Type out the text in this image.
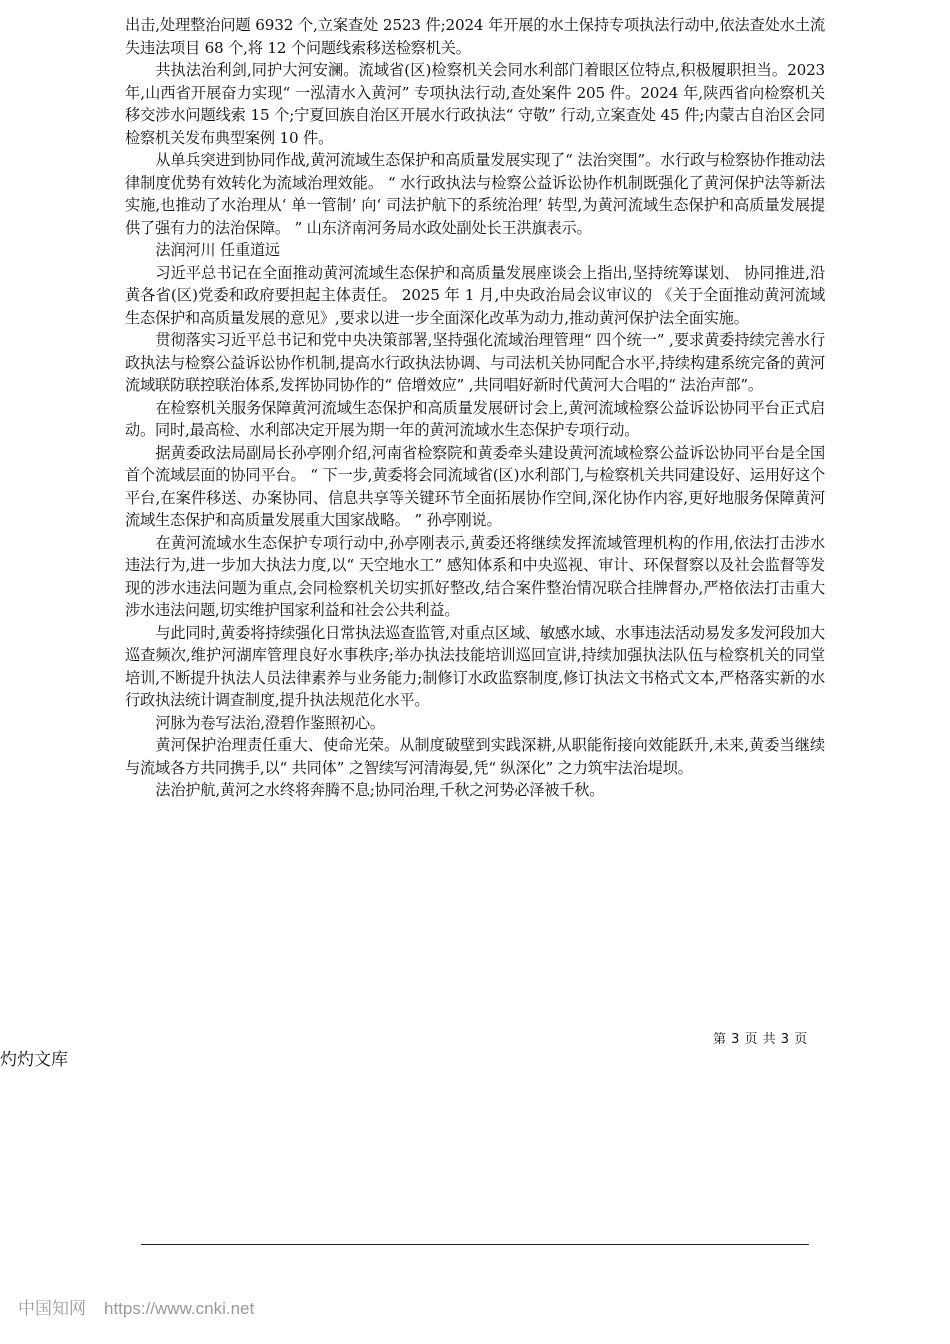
出击,处理整治问题 6932 个,立案查处 2523 件;2024 年开展的水土保持专项执法行动中,依法查处水土流失违法项目 68 个,将 12 个问题线索移送检察机关。

共执法治利剑,同护大河安澜。流域省(区)检察机关会同水利部门着眼区位特点,积极履职担当。2023 年,山西省开展奋力实现“ 一泓清水入黄河” 专项执法行动,查处案件 205 件。2024 年,陕西省向检察机关移交涉水问题线索 15 个;宁夏回族自治区开展水行政执法“ 守敬” 行动,立案查处 45 件;内蒙古自治区会同检察机关发布典型案例 10 件。

从单兵突进到协同作战,黄河流域生态保护和高质量发展实现了“ 法治突围”。水行政与检察协作推动法律制度优势有效转化为流域治理效能。 “ 水行政执法与检察公益诉讼协作机制既强化了黄河保护法等新法实施,也推动了水治理从‘ 单一管制’ 向‘ 司法护航下的系统治理’ 转型,为黄河流域生态保护和高质量发展提供了强有力的法治保障。 ” 山东济南河务局水政处副处长王洪旗表示。

法润河川 任重道远

习近平总书记在全面推动黄河流域生态保护和高质量发展座谈会上指出,坚持统筹谋划、 协同推进,沿黄各省(区)党委和政府要担起主体责任。 2025 年 1 月,中央政治局会议审议的 《关于全面推动黄河流域生态保护和高质量发展的意见》,要求以进一步全面深化改革为动力,推动黄河保护法全面实施。

贯彻落实习近平总书记和党中央决策部署,坚持强化流域治理管理“ 四个统一” ,要求黄委持续完善水行政执法与检察公益诉讼协作机制,提高水行政执法协调、与司法机关协同配合水平,持续构建系统完备的黄河流域联防联控联治体系,发挥协同协作的“ 倍增效应” ,共同唱好新时代黄河大合唱的“ 法治声部”。

在检察机关服务保障黄河流域生态保护和高质量发展研讨会上,黄河流域检察公益诉讼协同平台正式启动。同时,最高检、水利部决定开展为期一年的黄河流域水生态保护专项行动。

据黄委政法局副局长孙亭刚介绍,河南省检察院和黄委牵头建设黄河流域检察公益诉讼协同平台是全国首个流域层面的协同平台。 “ 下一步,黄委将会同流域省(区)水利部门,与检察机关共同建设好、运用好这个平台,在案件移送、办案协同、信息共享等关键环节全面拓展协作空间,深化协作内容,更好地服务保障黄河流域生态保护和高质量发展重大国家战略。 ” 孙亭刚说。

在黄河流域水生态保护专项行动中,孙亭刚表示,黄委还将继续发挥流域管理机构的作用,依法打击涉水违法行为,进一步加大执法力度,以“ 天空地水工” 感知体系和中央巡视、审计、环保督察以及社会监督等发现的涉水违法问题为重点,会同检察机关切实抓好整改,结合案件整治情况联合挂牌督办,严格依法打击重大涉水违法问题,切实维护国家利益和社会公共利益。

与此同时,黄委将持续强化日常执法巡查监管,对重点区域、敏感水域、水事违法活动易发多发河段加大巡查频次,维护河湖库管理良好水事秩序;举办执法技能培训巡回宣讲,持续加强执法队伍与检察机关的同堂培训,不断提升执法人员法律素养与业务能力;制修订水政监察制度,修订执法文书格式文本,严格落实新的水行政执法统计调查制度,提升执法规范化水平。

河脉为卷写法治,澄碧作鉴照初心。

黄河保护治理责任重大、使命光荣。从制度破壁到实践深耕,从职能衔接向效能跃升,未来,黄委当继续与流域各方共同携手,以“ 共同体” 之智续写河清海晏,凭“ 纵深化” 之力筑牢法治堤坝。

法治护航,黄河之水终将奔腾不息;协同治理,千秋之河势必泽被千秋。

第 3 页 共 3 页
灼灼文库
中国知网 https://www.cnki.net
